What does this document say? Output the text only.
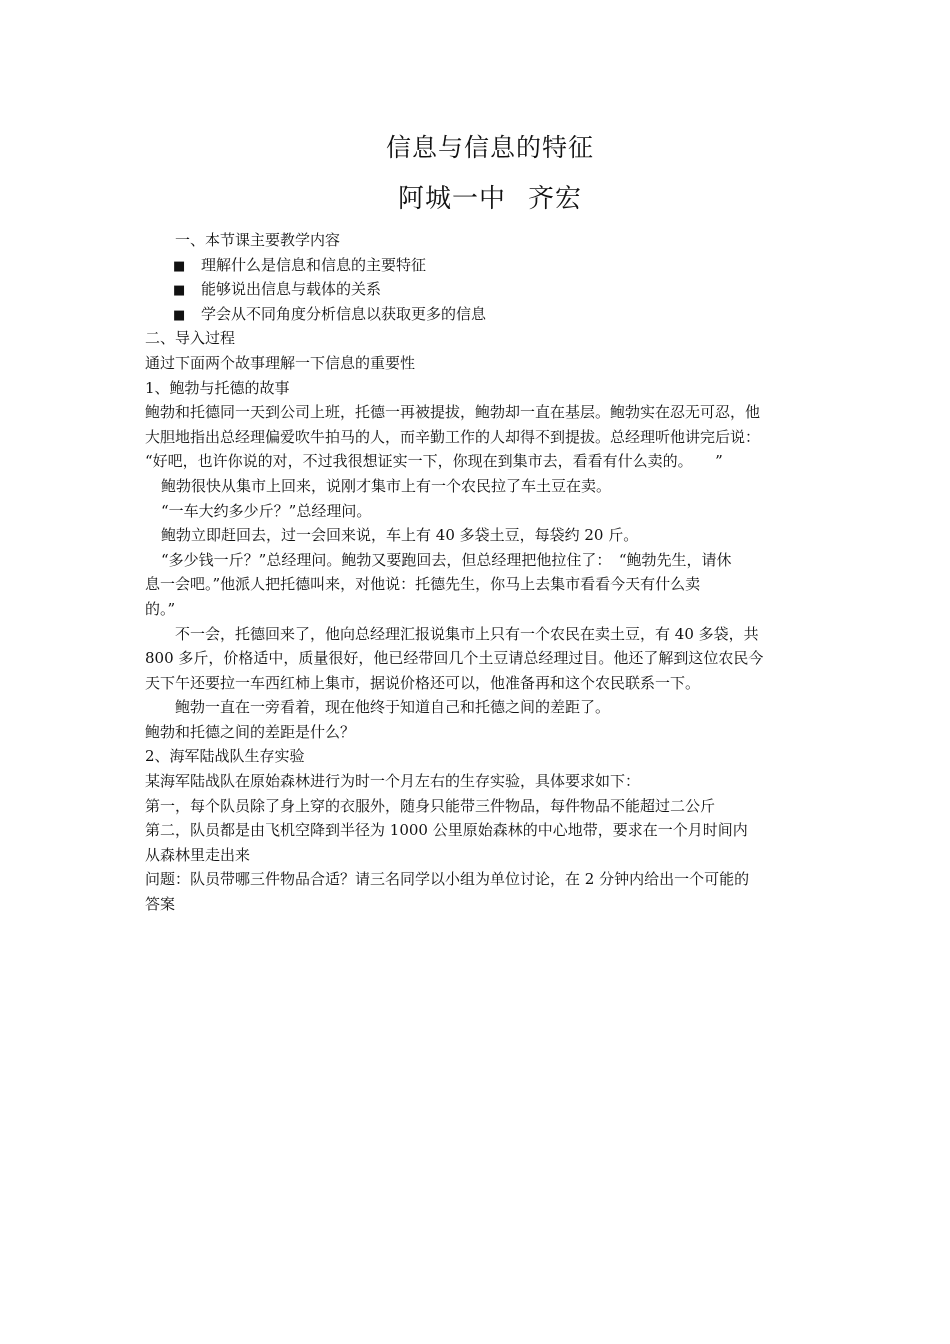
信息与信息的特征
阿城一中 齐宏
一、本节课主要教学内容
■ 理解什么是信息和信息的主要特征
■ 能够说出信息与载体的关系
■ 学会从不同角度分析信息以获取更多的信息
二、导入过程
通过下面两个故事理解一下信息的重要性
1、鲍勃与托德的故事
鲍勃和托德同一天到公司上班，托德一再被提拔，鲍勃却一直在基层。鲍勃实在忍无可忍，他
大胆地指出总经理偏爱吹牛拍马的人，而辛勤工作的人却得不到提拔。总经理听他讲完后说：
“好吧，也许你说的对，不过我很想证实一下，你现在到集市去，看看有什么卖的。　　”
鲍勃很快从集市上回来，说刚才集市上有一个农民拉了车土豆在卖。
“一车大约多少斤？”总经理问。
鲍勃立即赶回去，过一会回来说，车上有 40 多袋土豆，每袋约 20 斤。
“多少钱一斤？”总经理问。鲍勃又要跑回去，但总经理把他拉住了：　“鲍勃先生，请休
息一会吧。”他派人把托德叫来，对他说：托德先生，你马上去集市看看今天有什么卖
的。”
不一会，托德回来了，他向总经理汇报说集市上只有一个农民在卖土豆，有 40 多袋，共
800 多斤，价格适中，质量很好，他已经带回几个土豆请总经理过目。他还了解到这位农民今
天下午还要拉一车西红柿上集市，据说价格还可以，他准备再和这个农民联系一下。
鲍勃一直在一旁看着，现在他终于知道自己和托德之间的差距了。
鲍勃和托德之间的差距是什么？
2、海军陆战队生存实验
某海军陆战队在原始森林进行为时一个月左右的生存实验，具体要求如下：
第一，每个队员除了身上穿的衣服外，随身只能带三件物品，每件物品不能超过二公斤
第二，队员都是由飞机空降到半径为 1000 公里原始森林的中心地带，要求在一个月时间内
从森林里走出来
问题：队员带哪三件物品合适？请三名同学以小组为单位讨论，在 2 分钟内给出一个可能的
答案
